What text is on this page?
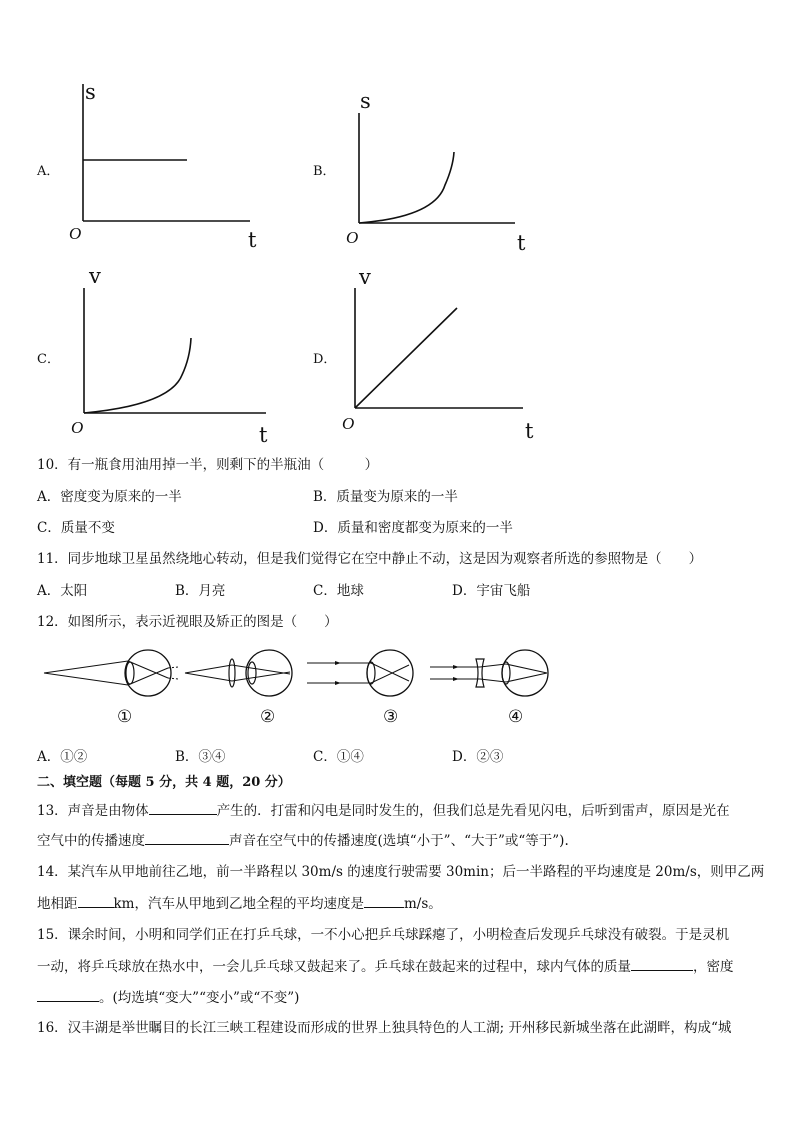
A．
s
t
O
B．
s
t
O
C．
v
t
O
D．
v
t
O
10．有一瓶食用油用掉一半，则剩下的半瓶油（　　　）
A．密度变为原来的一半	B．质量变为原来的一半
C．质量不变	D．质量和密度都变为原来的一半
11．同步地球卫星虽然绕地心转动，但是我们觉得它在空中静止不动，这是因为观察者所选的参照物是（　　）
A．太阳	B．月亮	C．地球	D．宇宙飞船
12．如图所示，表示近视眼及矫正的图是（　　）
①	②	③	④
A．①②	B．③④	C．①④	D．②③
二、填空题（每题 5 分，共 4 题，20 分）
13．声音是由物体	产生的．打雷和闪电是同时发生的，但我们总是先看见闪电，后听到雷声，原因是光在
空气中的传播速度	声音在空气中的传播速度(选填“小于”、“大于”或“等于”).
14．某汽车从甲地前往乙地，前一半路程以 30m/s 的速度行驶需要 30min；后一半路程的平均速度是 20m/s，则甲乙两
地相距	km，汽车从甲地到乙地全程的平均速度是	m/s。
15．课余时间，小明和同学们正在打乒乓球，一不小心把乒乓球踩瘪了，小明检查后发现乒乓球没有破裂。于是灵机
一动，将乒乓球放在热水中，一会儿乒乓球又鼓起来了。乒乓球在鼓起来的过程中，球内气体的质量	，密度
。(均选填“变大”“变小”或“不变”)
16．汉丰湖是举世瞩目的长江三峡工程建设而形成的世界上独具特色的人工湖; 开州移民新城坐落在此湖畔，构成“城
